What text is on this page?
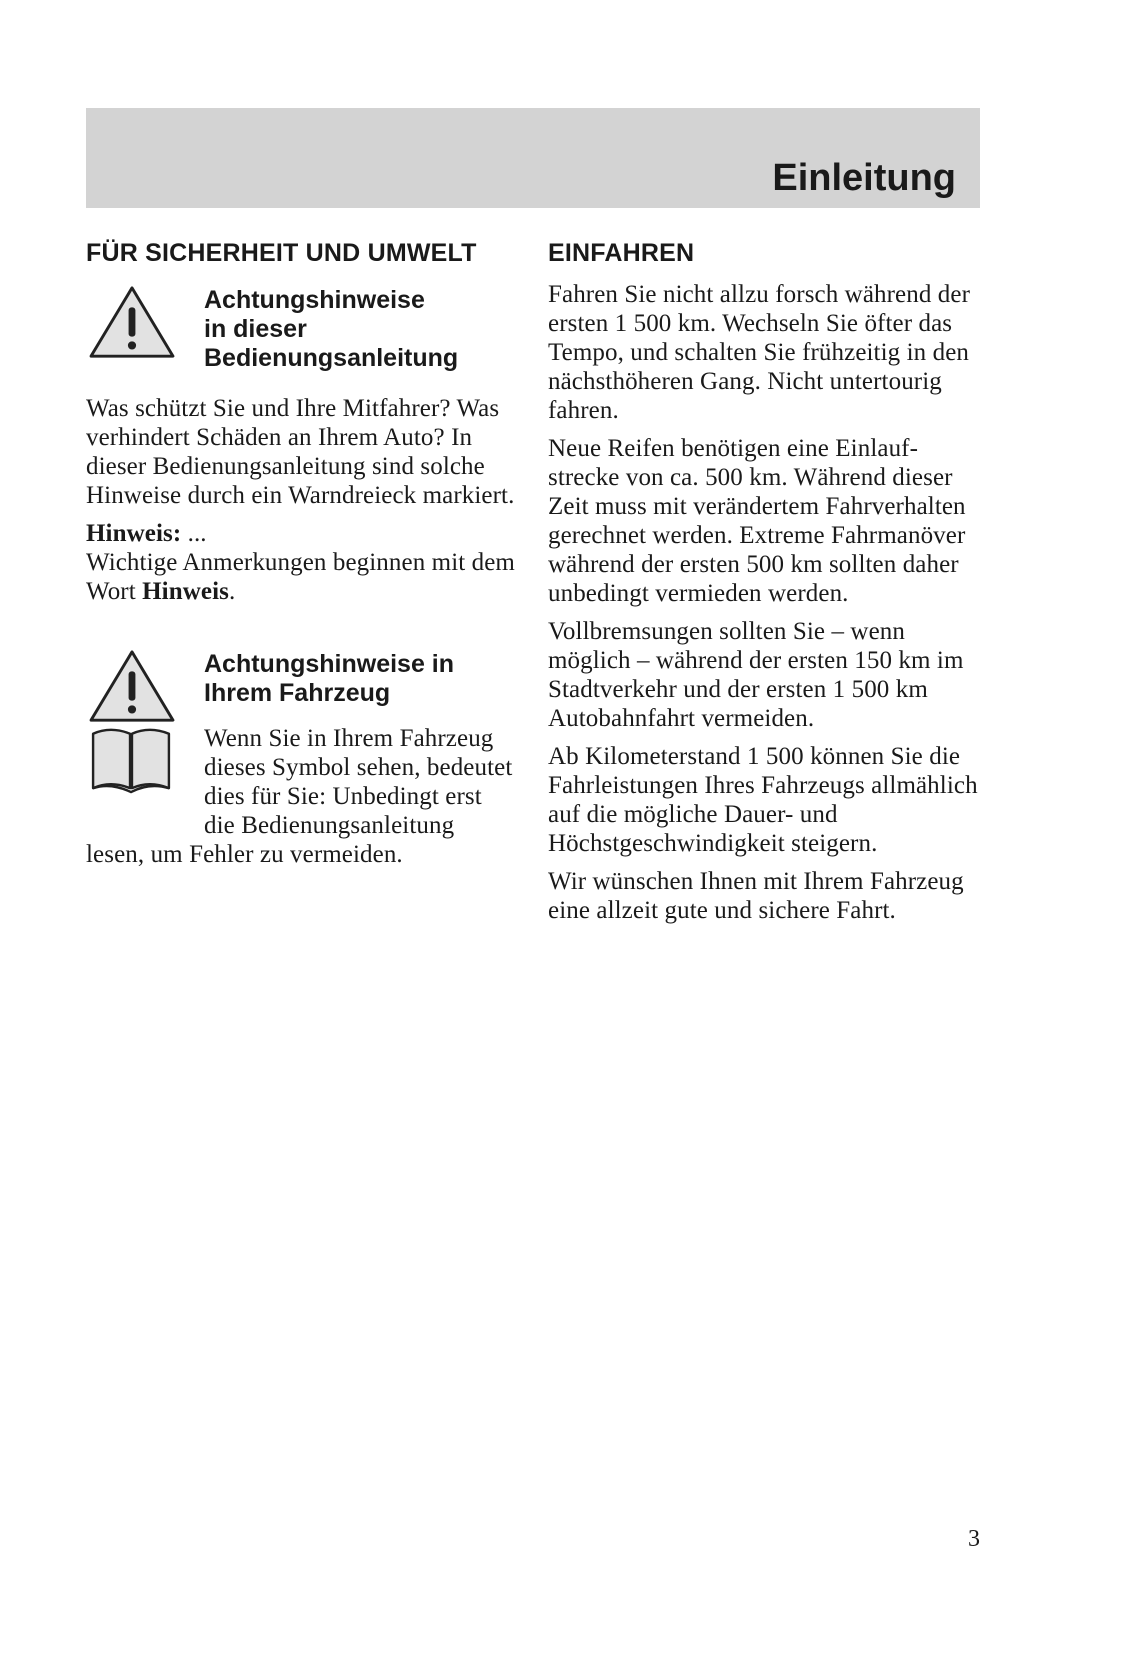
Einleitung
FÜR SICHERHEIT UND UMWELT
Achtungshinweise
in dieser
Bedienungsanleitung

Was schützt Sie und Ihre Mitfahrer? Was verhindert Schäden an Ihrem Auto? In dieser Bedienungsanleitung sind solche Hinweise durch ein Warndreieck markiert.

Hinweis: ...

Wichtige Anmerkungen beginnen mit dem Wort Hinweis.

Achtungshinweise in
Ihrem Fahrzeug

Wenn Sie in Ihrem Fahrzeug dieses Symbol sehen, bedeutet dies für Sie: Unbedingt erst die Bedienungsanleitung lesen, um Fehler zu vermeiden.

EINFAHREN

Fahren Sie nicht allzu forsch während der ersten 1 500 km. Wechseln Sie öfter das Tempo, und schalten Sie frühzeitig in den nächsthöheren Gang. Nicht untertourig fahren.

Neue Reifen benötigen eine Einlaufstrecke von ca. 500 km. Während dieser Zeit muss mit verändertem Fahrverhalten gerechnet werden. Extreme Fahrmanöver während der ersten 500 km sollten daher unbedingt vermieden werden.

Vollbremsungen sollten Sie – wenn möglich – während der ersten 150 km im Stadtverkehr und der ersten 1 500 km Autobahnfahrt vermeiden.

Ab Kilometerstand 1 500 können Sie die Fahrleistungen Ihres Fahrzeugs allmählich auf die mögliche Dauer- und Höchstgeschwindigkeit steigern.

Wir wünschen Ihnen mit Ihrem Fahrzeug eine allzeit gute und sichere Fahrt.

3
